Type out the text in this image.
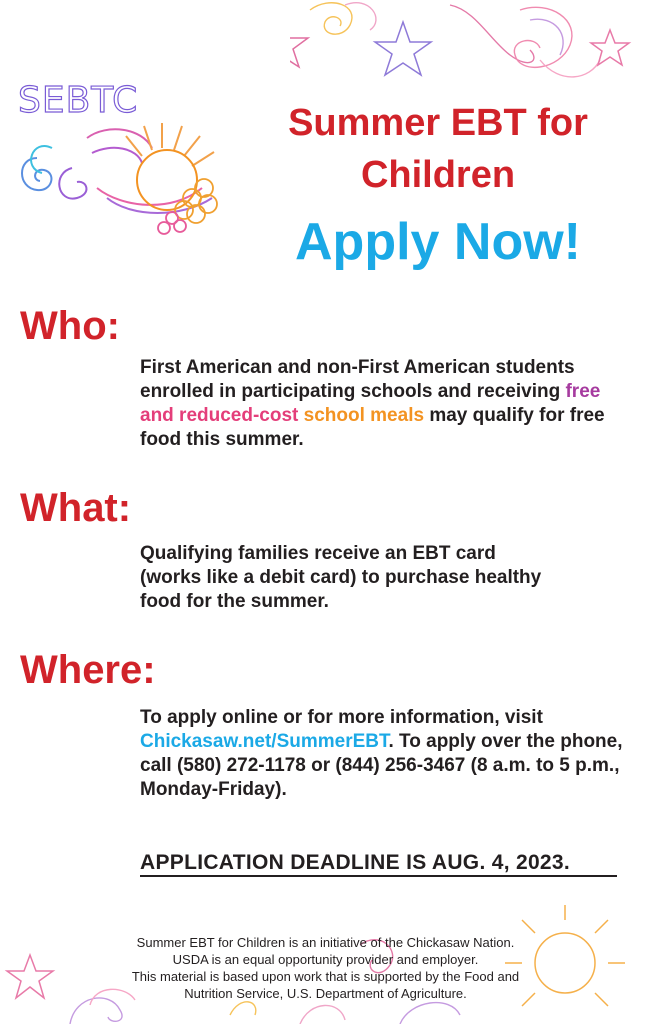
SEBTC
Summer EBT for
Children
Apply Now!
Who:
First American and non-First American students enrolled in participating schools and receiving free and reduced-cost school meals may qualify for free food this summer.
What:
Qualifying families receive an EBT card (works like a debit card) to purchase healthy food for the summer.
Where:
To apply online or for more information, visit Chickasaw.net/SummerEBT. To apply over the phone, call (580) 272-1178 or (844) 256-3467 (8 a.m. to 5 p.m., Monday-Friday).
APPLICATION DEADLINE IS AUG. 4, 2023.
Summer EBT for Children is an initiative of the Chickasaw Nation.
USDA is an equal opportunity provider and employer.
This material is based upon work that is supported by the Food and
Nutrition Service, U.S. Department of Agriculture.
